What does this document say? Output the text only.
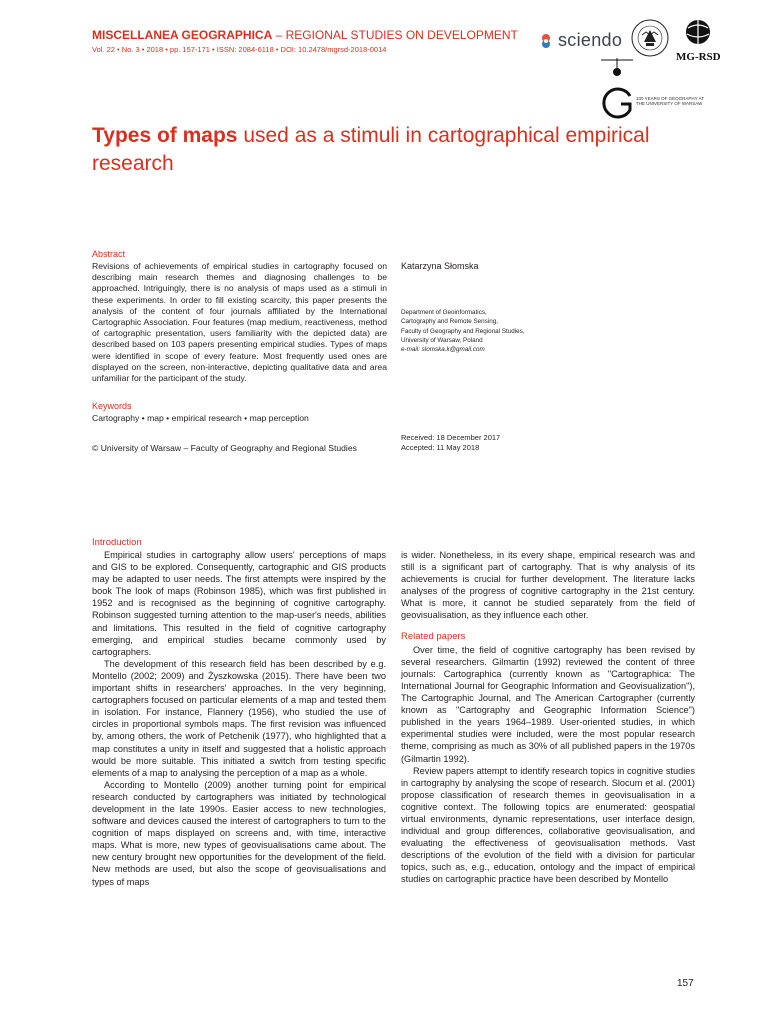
MISCELLANEA GEOGRAPHICA – REGIONAL STUDIES ON DEVELOPMENT
Vol. 22 • No. 3 • 2018 • pp. 157-171 • ISSN: 2084-6118 • DOI: 10.2478/mgrsd-2018-0014	sciendo
MG-RSD
100 YEARS OF GEOGRAPHY AT THE UNIVERSITY OF WARSAW
Types of maps used as a stimuli in cartographical empirical research
Abstract
Revisions of achievements of empirical studies in cartography focused on describing main research themes and diagnosing challenges to be approached. Intriguingly, there is no analysis of maps used as a stimuli in these experiments. In order to fill existing scarcity, this paper presents the analysis of the content of four journals affiliated by the International Cartographic Association. Four features (map medium, reactiveness, method of cartographic presentation, users familiarity with the depicted data) are described based on 103 papers presenting empirical studies. Types of maps were identified in scope of every feature. Most frequently used ones are displayed on the screen, non-interactive, depicting qualitative data and area unfamiliar for the participant of the study.
Keywords
Cartography • map • empirical research • map perception
© University of Warsaw – Faculty of Geography and Regional Studies
Katarzyna Słomska
Department of Geoinformatics,
Cartography and Remote Sensing,
Faculty of Geography and Regional Studies,
University of Warsaw, Poland
e-mail: slomska.k@gmail.com
Received: 18 December 2017
Accepted: 11 May 2018
Introduction

Empirical studies in cartography allow users' perceptions of maps and GIS to be explored. Consequently, cartographic and GIS products may be adapted to user needs. The first attempts were inspired by the book The look of maps (Robinson 1985), which was first published in 1952 and is recognised as the beginning of cognitive cartography. Robinson suggested turning attention to the map-user's needs, abilities and limitations. This resulted in the field of cognitive cartography emerging, and empirical studies became commonly used by cartographers.

The development of this research field has been described by e.g. Montello (2002; 2009) and Żyszkowska (2015). There have been two important shifts in researchers' approaches. In the very beginning, cartographers focused on particular elements of a map and tested them in isolation. For instance, Flannery (1956), who studied the use of circles in proportional symbols maps. The first revision was influenced by, among others, the work of Petchenik (1977), who highlighted that a map constitutes a unity in itself and suggested that a holistic approach would be more suitable. This initiated a switch from testing specific elements of a map to analysing the perception of a map as a whole.

According to Montello (2009) another turning point for empirical research conducted by cartographers was initiated by technological development in the late 1990s. Easier access to new technologies, software and devices caused the interest of cartographers to turn to the cognition of maps displayed on screens and, with time, interactive maps. What is more, new types of geovisualisations came about. The new century brought new opportunities for the development of the field. New methods are used, but also the scope of geovisualisations and types of maps

is wider. Nonetheless, in its every shape, empirical research was and still is a significant part of cartography. That is why analysis of its achievements is crucial for further development. The literature lacks analyses of the progress of cognitive cartography in the 21st century. What is more, it cannot be studied separately from the field of geovisualisation, as they influence each other.

Related papers

Over time, the field of cognitive cartography has been revised by several researchers. Gilmartin (1992) reviewed the content of three journals: Cartographica (currently known as "Cartographica: The International Journal for Geographic Information and Geovisualization"), The Cartographic Journal, and The American Cartographer (currently known as "Cartography and Geographic Information Science") published in the years 1964–1989. User-oriented studies, in which experimental studies were included, were the most popular research theme, comprising as much as 30% of all published papers in the 1970s (Gilmartin 1992).

Review papers attempt to identify research topics in cognitive studies in cartography by analysing the scope of research. Slocum et al. (2001) propose classification of research themes in geovisualisation in a cognitive context. The following topics are enumerated: geospatial virtual environments, dynamic representations, user interface design, individual and group differences, collaborative geovisualisation, and evaluating the effectiveness of geovisualisation methods. Vast descriptions of the evolution of the field with a division for particular topics, such as, e.g., education, ontology and the impact of empirical studies on cartographic practice have been described by Montello

157
